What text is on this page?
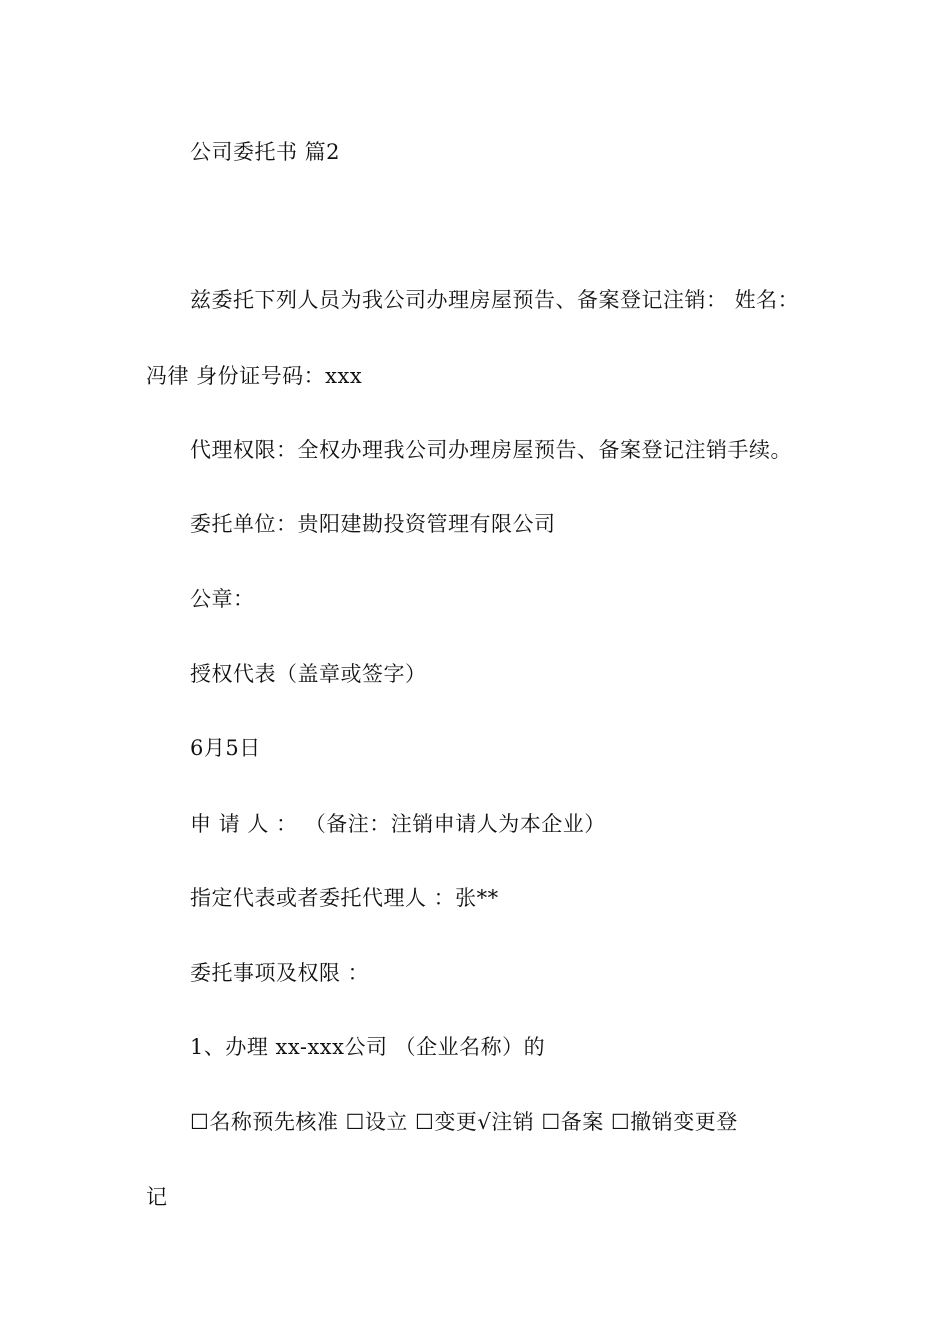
公司委托书 篇2
兹委托下列人员为我公司办理房屋预告、备案登记注销： 姓名：
冯律 身份证号码：xxx
代理权限：全权办理我公司办理房屋预告、备案登记注销手续。
委托单位：贵阳建勘投资管理有限公司
公章：
授权代表（盖章或签字）
6月5日
申 请 人 ： （备注：注销申请人为本企业）
指定代表或者委托代理人 ：张**
委托事项及权限 ：
1、办理 xx-xxx公司 （企业名称）的
☐名称预先核准 ☐设立 ☐变更√注销 ☐备案 ☐撤销变更登
记
